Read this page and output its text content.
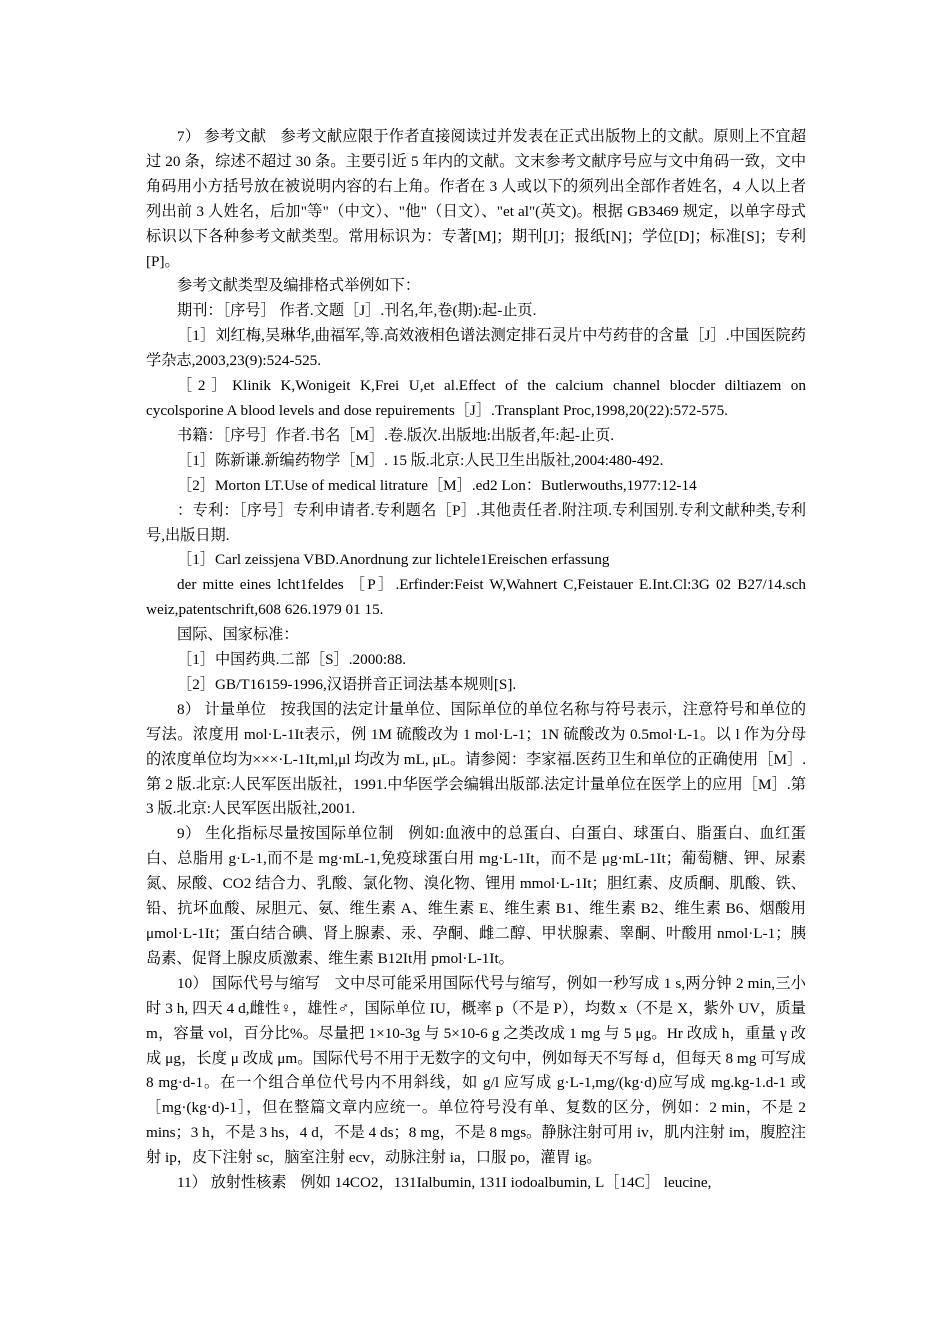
7） 参考文献 参考文献应限于作者直接阅读过并发表在正式出版物上的文献。原则上不宜超过 20 条，综述不超过 30 条。主要引近 5 年内的文献。文末参考文献序号应与文中角码一致，文中角码用小方括号放在被说明内容的右上角。作者在 3 人或以下的须列出全部作者姓名，4 人以上者列出前 3 人姓名，后加"等"（中文）、"他"（日文）、"et al"(英文)。根据 GB3469 规定，以单字母式标识以下各种参考文献类型。常用标识为：专著[M]；期刊[J]；报纸[N]；学位[D]；标准[S]；专利[P]。

参考文献类型及编排格式举例如下：

期刊：［序号］ 作者.文题［J］.刊名,年,卷(期):起-止页.

［1］刘红梅,吴琳华,曲福军,等.高效液相色谱法测定排石灵片中芍药苷的含量［J］.中国医院药学杂志,2003,23(9):524-525.

［2］Klinik K,Wonigeit K,Frei U,et al.Effect of the calcium channel blocder diltiazem on cycolsporine A blood levels and dose repuirements［J］.Transplant Proc,1998,20(22):572-575.

书籍：［序号］作者.书名［M］.卷.版次.出版地:出版者,年:起-止页.

［1］陈新谦.新编药物学［M］. 15 版.北京:人民卫生出版社,2004:480-492.

［2］Morton LT.Use of medical litrature［M］.ed2 Lon：Butlerwouths,1977:12-14

：专利：［序号］专利申请者.专利题名［P］.其他责任者.附注项.专利国别.专利文献种类,专利号,出版日期.

［1］Carl zeissjena VBD.Anordnung zur lichtele1Ereischen erfassung

der mitte eines lcht1feldes ［P］.Erfinder:Feist W,Wahnert C,Feistauer E.Int.Cl:3G 02 B27/14.sch weiz,patentschrift,608 626.1979 01 15.

国际、国家标准：

［1］中国药典.二部［S］.2000:88.

［2］GB/T16159-1996,汉语拼音正词法基本规则[S].

8） 计量单位 按我国的法定计量单位、国际单位的单位名称与符号表示，注意符号和单位的写法。浓度用 mol·L-1It表示，例 1M 硫酸改为 1 mol·L-1；1N 硫酸改为 0.5mol·L-1。以 l 作为分母的浓度单位均为×××·L-1It,ml,μl 均改为 mL, μL。请参阅：李家福.医药卫生和单位的正确使用［M］.第 2 版.北京:人民军医出版社，1991.中华医学会编辑出版部.法定计量单位在医学上的应用［M］.第 3 版.北京:人民军医出版社,2001.

9） 生化指标尽量按国际单位制 例如:血液中的总蛋白、白蛋白、球蛋白、脂蛋白、血红蛋白、总脂用 g·L-1,而不是 mg·mL-1,免疫球蛋白用 mg·L-1It，而不是 μg·mL-1It；葡萄糖、钾、尿素氮、尿酸、CO2 结合力、乳酸、氯化物、溴化物、锂用 mmol·L-1It；胆红素、皮质酮、肌酸、铁、铅、抗坏血酸、尿胆元、氨、维生素 A、维生素 E、维生素 B1、维生素 B2、维生素 B6、烟酸用 μmol·L-1It；蛋白结合碘、肾上腺素、汞、孕酮、雌二醇、甲状腺素、睾酮、叶酸用 nmol·L-1；胰岛素、促肾上腺皮质激素、维生素 B12It用 pmol·L-1It。

10） 国际代号与缩写 文中尽可能采用国际代号与缩写，例如一秒写成 1 s,两分钟 2 min,三小时 3 h, 四天 4 d,雌性♀，雄性♂，国际单位 IU，概率 p（不是 P），均数 x（不是 X，紫外 UV，质量 m，容量 vol，百分比%。尽量把 1×10-3g 与 5×10-6 g 之类改成 1 mg 与 5 μg。Hr 改成 h，重量 γ 改成 μg，长度 μ 改成 μm。国际代号不用于无数字的文句中，例如每天不写每 d，但每天 8 mg 可写成 8 mg·d-1。在一个组合单位代号内不用斜线，如 g/l 应写成 g·L-1,mg/(kg·d)应写成 mg.kg-1.d-1 或［mg·(kg·d)-1］，但在整篇文章内应统一。单位符号没有单、复数的区分，例如：2 min，不是 2 mins；3 h，不是 3 hs，4 d，不是 4 ds；8 mg，不是 8 mgs。静脉注射可用 iv，肌内注射 im，腹腔注射 ip，皮下注射 sc，脑室注射 ecv，动脉注射 ia，口服 po，灌胃 ig。

11） 放射性核素 例如 14CO2，131Ialbumin, 131I iodoalbumin, L［14C］ leucine,
